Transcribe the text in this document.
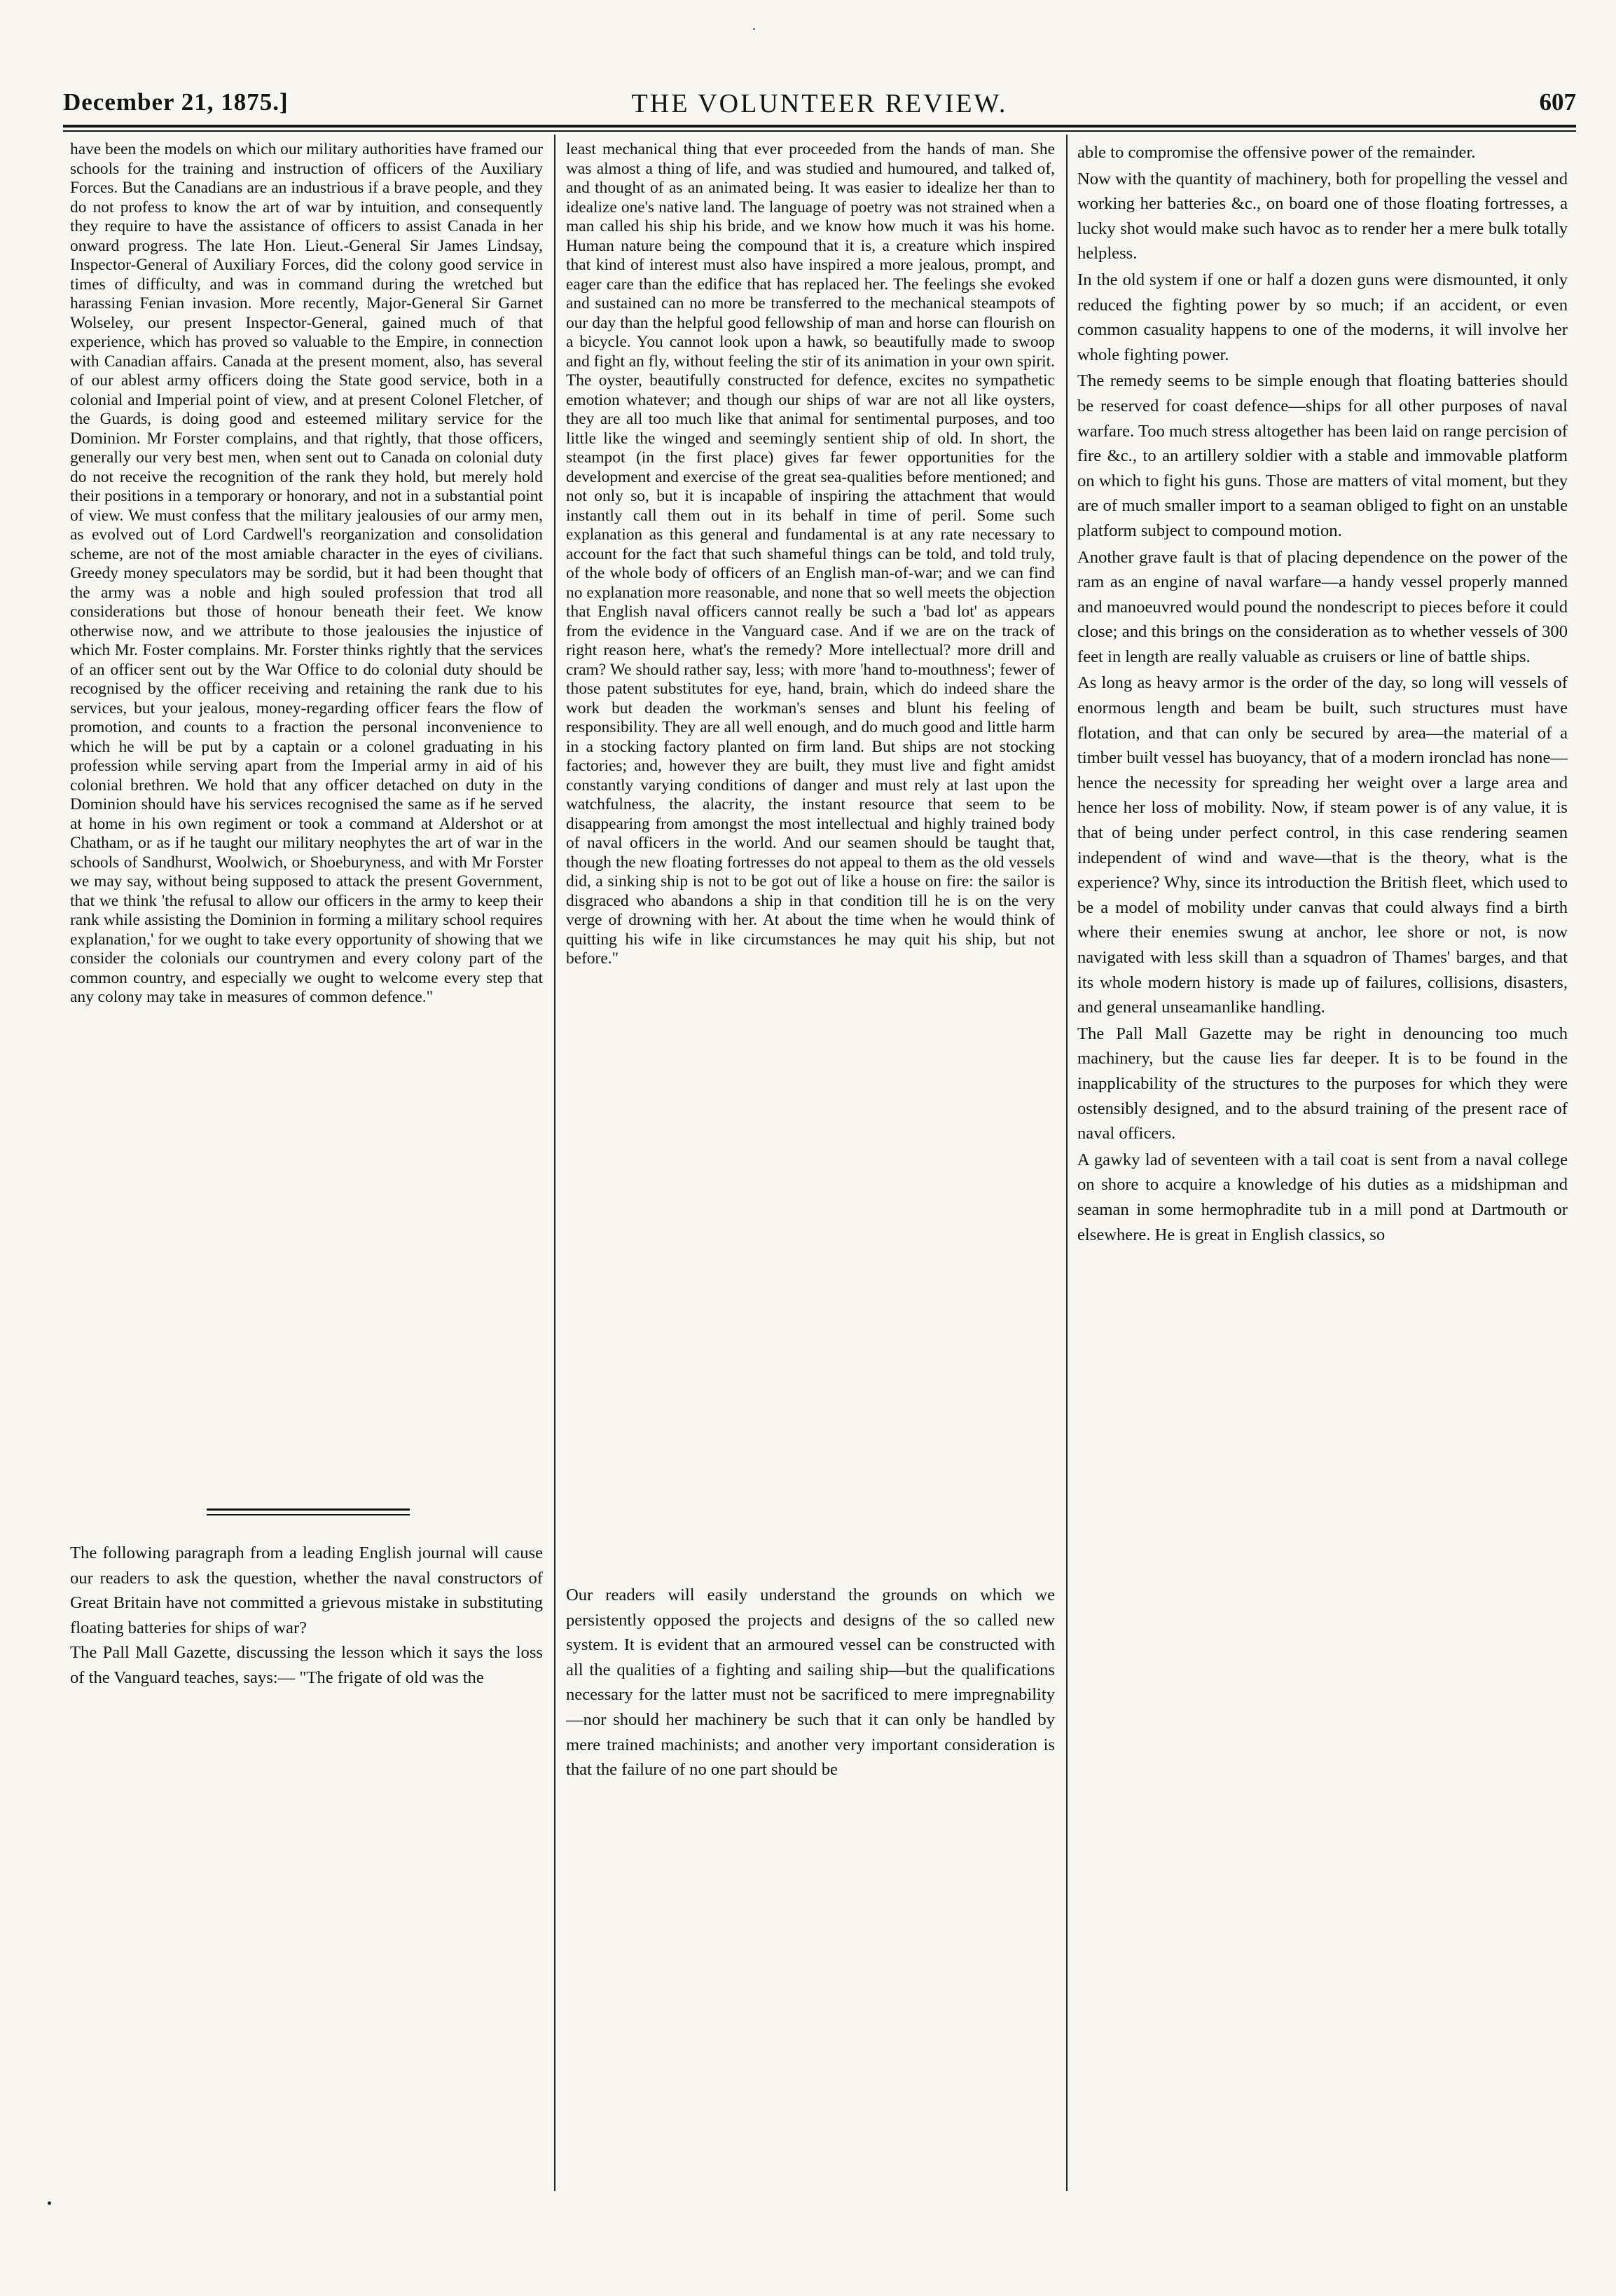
December 21, 1875.]	THE VOLUNTEER REVIEW.	607

have been the models on which our military authorities have framed our schools for the training and instruction of officers of the Auxiliary Forces. But the Canadians are an industrious if a brave people, and they do not profess to know the art of war by intuition, and consequently they require to have the assistance of officers to assist Canada in her onward progress. The late Hon. Lieut.-General Sir James Lindsay, Inspector-General of Auxiliary Forces, did the colony good service in times of difficulty, and was in command during the wretched but harassing Fenian invasion. More recently, Major-General Sir Garnet Wolseley, our present Inspector-General, gained much of that experience, which has proved so valuable to the Empire, in connection with Canadian affairs. Canada at the present moment, also, has several of our ablest army officers doing the State good service, both in a colonial and Imperial point of view, and at present Colonel Fletcher, of the Guards, is doing good and esteemed military service for the Dominion. Mr Forster complains, and that rightly, that those officers, generally our very best men, when sent out to Canada on colonial duty do not receive the recognition of the rank they hold, but merely hold their positions in a temporary or honorary, and not in a substantial point of view. We must confess that the military jealousies of our army men, as evolved out of Lord Cardwell's reorganization and consolidation scheme, are not of the most amiable character in the eyes of civilians. Greedy money speculators may be sordid, but it had been thought that the army was a noble and high souled profession that trod all considerations but those of honour beneath their feet. We know otherwise now, and we attribute to those jealousies the injustice of which Mr. Foster complains. Mr. Forster thinks rightly that the services of an officer sent out by the War Office to do colonial duty should be recognised by the officer receiving and retaining the rank due to his services, but your jealous, money-regarding officer fears the flow of promotion, and counts to a fraction the personal inconvenience to which he will be put by a captain or a colonel graduating in his profession while serving apart from the Imperial army in aid of his colonial brethren. We hold that any officer detached on duty in the Dominion should have his services recognised the same as if he served at home in his own regiment or took a command at Aldershot or at Chatham, or as if he taught our military neophytes the art of war in the schools of Sandhurst, Woolwich, or Shoeburyness, and with Mr Forster we may say, without being supposed to attack the present Government, that we think 'the refusal to allow our officers in the army to keep their rank while assisting the Dominion in forming a military school requires explanation,' for we ought to take every opportunity of showing that we consider the colonials our countrymen and every colony part of the common country, and especially we ought to welcome every step that any colony may take in measures of common defence."

The following paragraph from a leading English journal will cause our readers to ask the question, whether the naval constructors of Great Britain have not committed a grievous mistake in substituting floating batteries for ships of war?

The Pall Mall Gazette, discussing the lesson which it says the loss of the Vanguard teaches, says:— "The frigate of old was the

least mechanical thing that ever proceeded from the hands of man. She was almost a thing of life, and was studied and humoured, and talked of, and thought of as an animated being. It was easier to idealize her than to idealize one's native land. The language of poetry was not strained when a man called his ship his bride, and we know how much it was his home. Human nature being the compound that it is, a creature which inspired that kind of interest must also have inspired a more jealous, prompt, and eager care than the edifice that has replaced her. The feelings she evoked and sustained can no more be transferred to the mechanical steampots of our day than the helpful good fellowship of man and horse can flourish on a bicycle. You cannot look upon a hawk, so beautifully made to swoop and fight an fly, without feeling the stir of its animation in your own spirit. The oyster, beautifully constructed for defence, excites no sympathetic emotion whatever; and though our ships of war are not all like oysters, they are all too much like that animal for sentimental purposes, and too little like the winged and seemingly sentient ship of old. In short, the steampot (in the first place) gives far fewer opportunities for the development and exercise of the great sea-qualities before mentioned; and not only so, but it is incapable of inspiring the attachment that would instantly call them out in its behalf in time of peril. Some such explanation as this general and fundamental is at any rate necessary to account for the fact that such shameful things can be told, and told truly, of the whole body of officers of an English man-of-war; and we can find no explanation more reasonable, and none that so well meets the objection that English naval officers cannot really be such a 'bad lot' as appears from the evidence in the Vanguard case. And if we are on the track of right reason here, what's the remedy? More intellectual? more drill and cram? We should rather say, less; with more 'hand to-mouthness'; fewer of those patent substitutes for eye, hand, brain, which do indeed share the work but deaden the workman's senses and blunt his feeling of responsibility. They are all well enough, and do much good and little harm in a stocking factory planted on firm land. But ships are not stocking factories; and, however they are built, they must live and fight amidst constantly varying conditions of danger and must rely at last upon the watchfulness, the alacrity, the instant resource that seem to be disappearing from amongst the most intellectual and highly trained body of naval officers in the world. And our seamen should be taught that, though the new floating fortresses do not appeal to them as the old vessels did, a sinking ship is not to be got out of like a house on fire: the sailor is disgraced who abandons a ship in that condition till he is on the very verge of drowning with her. At about the time when he would think of quitting his wife in like circumstances he may quit his ship, but not before."

Our readers will easily understand the grounds on which we persistently opposed the projects and designs of the so called new system. It is evident that an armoured vessel can be constructed with all the qualities of a fighting and sailing ship—but the qualifications necessary for the latter must not be sacrificed to mere impregnability—nor should her machinery be such that it can only be handled by mere trained machinists; and another very important consideration is that the failure of no one part should be

able to compromise the offensive power of the remainder.

Now with the quantity of machinery, both for propelling the vessel and working her batteries &c., on board one of those floating fortresses, a lucky shot would make such havoc as to render her a mere bulk totally helpless.

In the old system if one or half a dozen guns were dismounted, it only reduced the fighting power by so much; if an accident, or even common casuality happens to one of the moderns, it will involve her whole fighting power.

The remedy seems to be simple enough that floating batteries should be reserved for coast defence—ships for all other purposes of naval warfare. Too much stress altogether has been laid on range percision of fire &c., to an artillery soldier with a stable and immovable platform on which to fight his guns. Those are matters of vital moment, but they are of much smaller import to a seaman obliged to fight on an unstable platform subject to compound motion.

Another grave fault is that of placing dependence on the power of the ram as an engine of naval warfare—a handy vessel properly manned and manoeuvred would pound the nondescript to pieces before it could close; and this brings on the consideration as to whether vessels of 300 feet in length are really valuable as cruisers or line of battle ships.

As long as heavy armor is the order of the day, so long will vessels of enormous length and beam be built, such structures must have flotation, and that can only be secured by area—the material of a timber built vessel has buoyancy, that of a modern ironclad has none—hence the necessity for spreading her weight over a large area and hence her loss of mobility. Now, if steam power is of any value, it is that of being under perfect control, in this case rendering seamen independent of wind and wave—that is the theory, what is the experience? Why, since its introduction the British fleet, which used to be a model of mobility under canvas that could always find a birth where their enemies swung at anchor, lee shore or not, is now navigated with less skill than a squadron of Thames' barges, and that its whole modern history is made up of failures, collisions, disasters, and general unseamanlike handling.

The Pall Mall Gazette may be right in denouncing too much machinery, but the cause lies far deeper. It is to be found in the inapplicability of the structures to the purposes for which they were ostensibly designed, and to the absurd training of the present race of naval officers.

A gawky lad of seventeen with a tail coat is sent from a naval college on shore to acquire a knowledge of his duties as a midshipman and seaman in some hermophradite tub in a mill pond at Dartmouth or elsewhere. He is great in English classics, so
